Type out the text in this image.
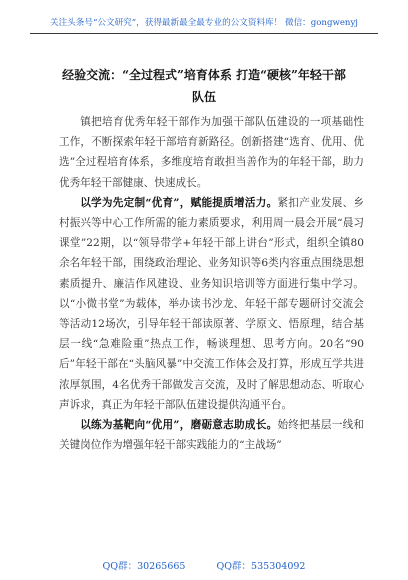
关注头条号“公文研究”，获得最新最全最专业的公文资料库！ 微信：gongwenyj
经验交流：“全过程式”培育体系 打造“硬核”年轻干部
队伍

镇把培育优秀年轻干部作为加强干部队伍建设的一项基础性工作，不断探索年轻干部培育新路径。创新搭建“选育、优用、优选”全过程培育体系，多维度培育敢担当善作为的年轻干部，助力优秀年轻干部健康、快速成长。

以学为先定制“优育”，赋能提质增活力。紧扣产业发展、乡村振兴等中心工作所需的能力素质要求，利用周一晨会开展“晨习课堂”22期，以“领导带学+年轻干部上讲台”形式，组织全镇80余名年轻干部，围绕政治理论、业务知识等6类内容重点围绕思想素质提升、廉洁作风建设、业务知识培训等方面进行集中学习。以“小微书堂”为载体，举办读书沙龙、年轻干部专题研讨交流会等活动12场次，引导年轻干部读原著、学原文、悟原理，结合基层一线“急难险重”热点工作，畅谈理想、思考方向。20名“90后”年轻干部在“头脑风暴”中交流工作体会及打算，形成互学共进浓厚氛围，4名优秀干部做发言交流，及时了解思想动态、听取心声诉求，真正为年轻干部队伍建设提供沟通平台。

以练为基靶向“优用”，磨砺意志助成长。始终把基层一线和关键岗位作为增强年轻干部实践能力的“主战场”

QQ群：30265665	QQ群：535304092
